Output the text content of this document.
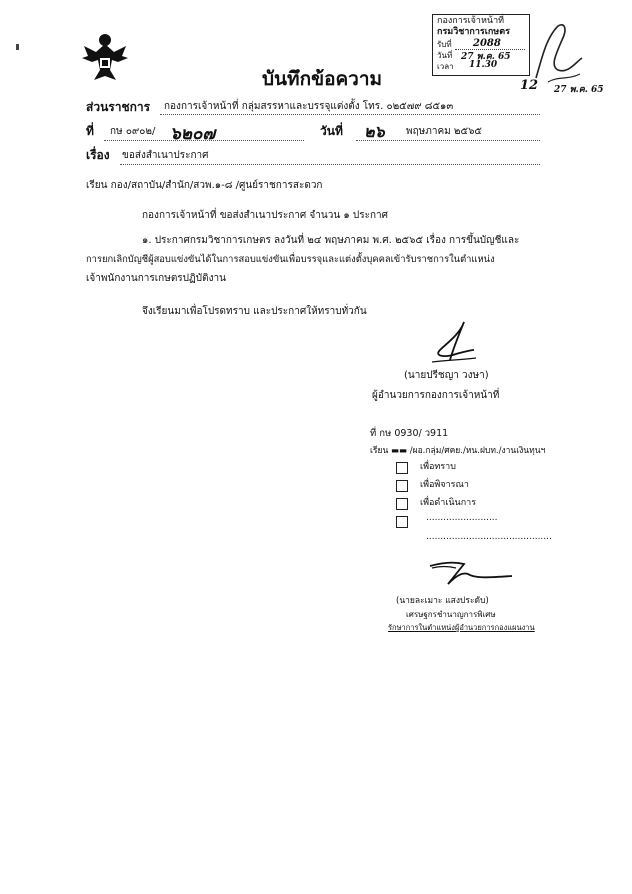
บันทึกข้อความ
กองการเจ้าหน้าที่
กรมวิชาการเกษตร
รับที่ 2088
วันที่ 27 พ.ค. 65
เวลา 11.30
12 27 พ.ค. 65
ส่วนราชการ กองการเจ้าหน้าที่ กลุ่มสรรหาและบรรจุแต่งตั้ง โทร. ๐๒๕๗๙ ๘๕๑๓
ที่ กษ ๐๙๐๒/ ๖๒๐๗	วันที่ ๒๖ พฤษภาคม ๒๕๖๕
เรื่อง ขอส่งสำเนาประกาศ
เรียน กอง/สถาบัน/สำนัก/สวพ.๑-๘ /ศูนย์ราชการสะดวก
กองการเจ้าหน้าที่ ขอส่งสำเนาประกาศ จำนวน ๑ ประกาศ
๑. ประกาศกรมวิชาการเกษตร ลงวันที่ ๒๔ พฤษภาคม พ.ศ. ๒๕๖๕ เรื่อง การขึ้นบัญชีและ
การยกเลิกบัญชีผู้สอบแข่งขันได้ในการสอบแข่งขันเพื่อบรรจุและแต่งตั้งบุคคลเข้ารับราชการในตำแหน่ง
เจ้าพนักงานการเกษตรปฏิบัติงาน
จึงเรียนมาเพื่อโปรดทราบ และประกาศให้ทราบทั่วกัน
(นายปรีชญา วงษา)
ผู้อำนวยการกองการเจ้าหน้าที่
ที่ กษ 0930/ ว911
เรียน ▬▬ /ผอ.กลุ่ม/ศคย./หน.ฝบท./งานเงินทุนฯ
เพื่อทราบ
เพื่อพิจารณา
เพื่อดำเนินการ
.........................
............................................
(นายละเมาะ แสงประดับ)
เศรษฐกรชำนาญการพิเศษ
รักษาการในตำแหน่งผู้อำนวยการกองแผนงาน
